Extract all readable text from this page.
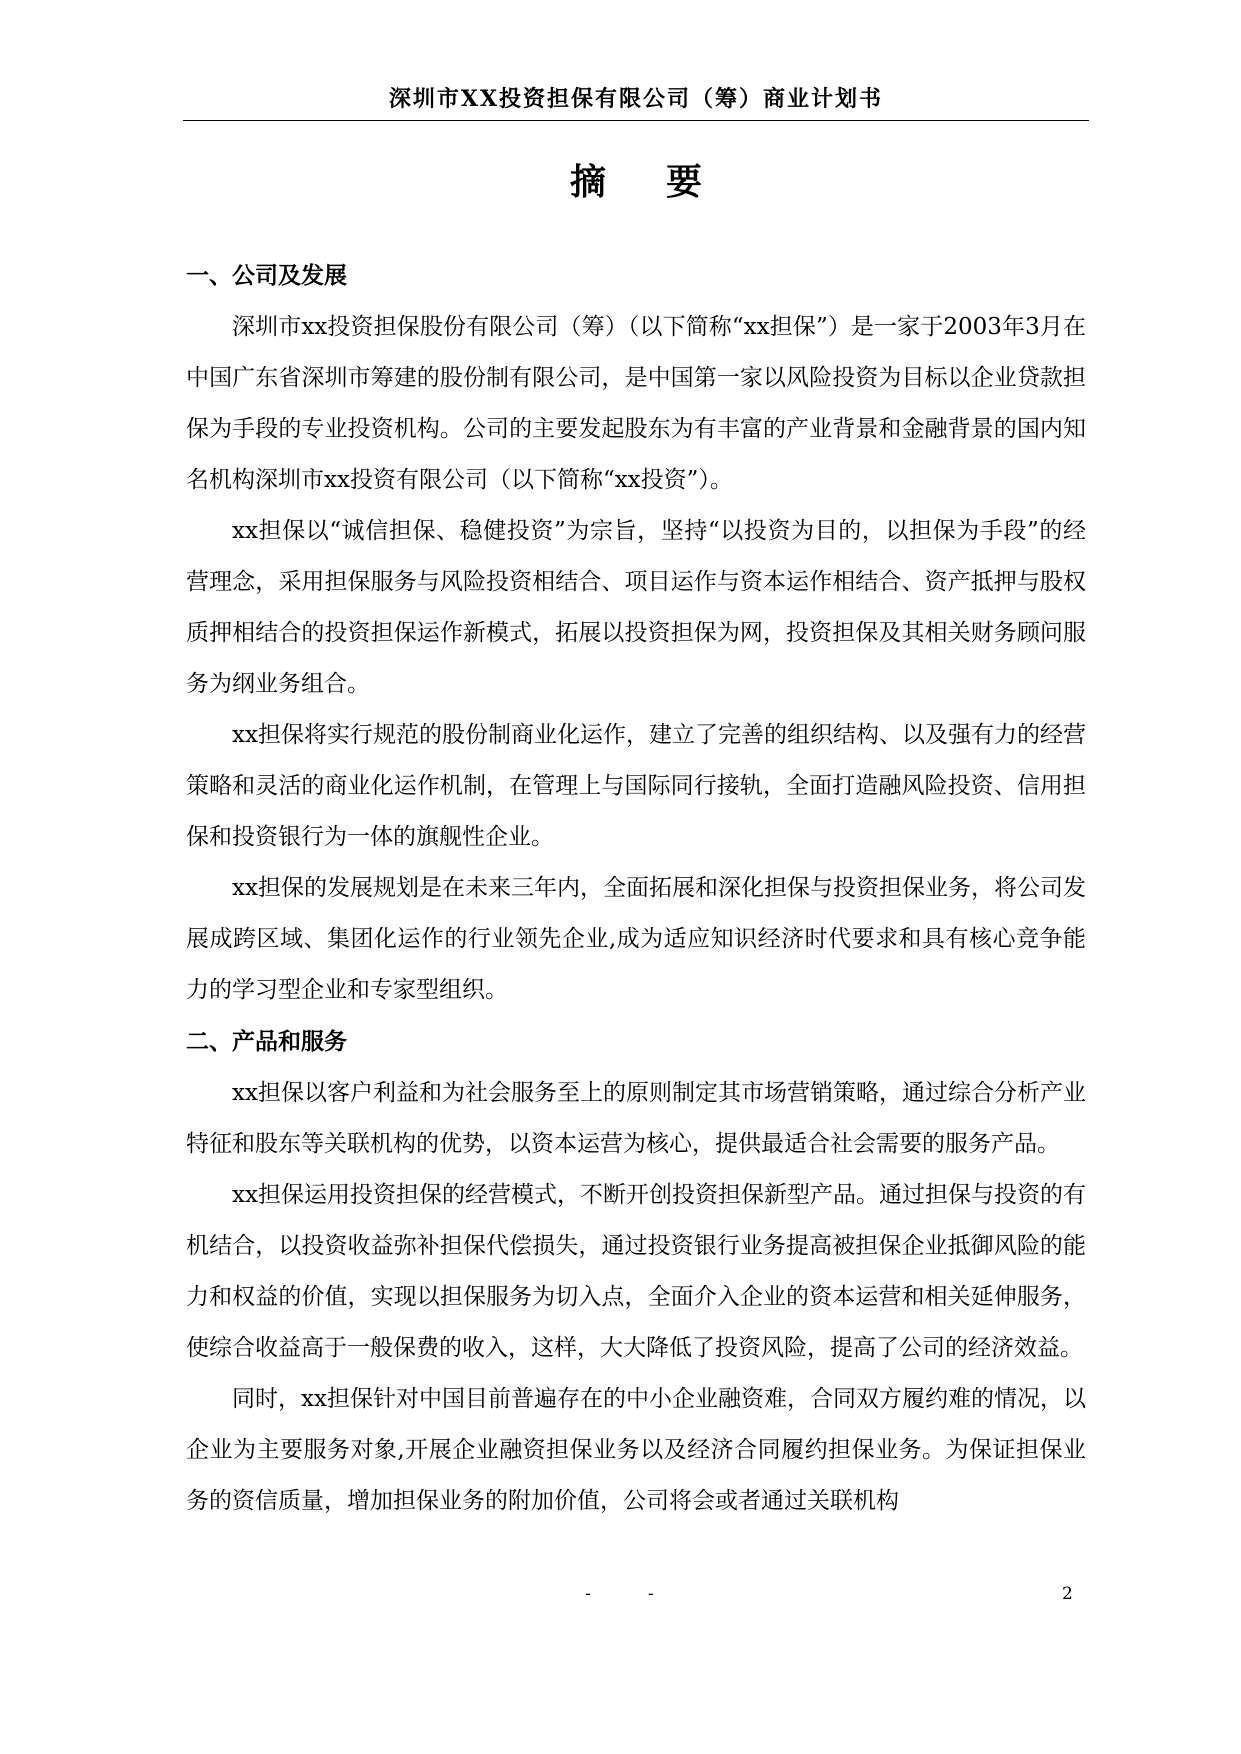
深圳市XX投资担保有限公司（筹）商业计划书
摘要
一、公司及发展

深圳市xx投资担保股份有限公司（筹）（以下简称“xx担保”）是一家于2003年3月在中国广东省深圳市筹建的股份制有限公司，是中国第一家以风险投资为目标以企业贷款担保为手段的专业投资机构。公司的主要发起股东为有丰富的产业背景和金融背景的国内知名机构深圳市xx投资有限公司（以下简称“xx投资”）。

xx担保以“诚信担保、稳健投资”为宗旨，坚持“以投资为目的，以担保为手段”的经营理念，采用担保服务与风险投资相结合、项目运作与资本运作相结合、资产抵押与股权质押相结合的投资担保运作新模式，拓展以投资担保为网，投资担保及其相关财务顾问服务为纲业务组合。

xx担保将实行规范的股份制商业化运作，建立了完善的组织结构、以及强有力的经营策略和灵活的商业化运作机制，在管理上与国际同行接轨，全面打造融风险投资、信用担保和投资银行为一体的旗舰性企业。

xx担保的发展规划是在未来三年内，全面拓展和深化担保与投资担保业务，将公司发展成跨区域、集团化运作的行业领先企业,成为适应知识经济时代要求和具有核心竞争能力的学习型企业和专家型组织。

二、产品和服务

xx担保以客户利益和为社会服务至上的原则制定其市场营销策略，通过综合分析产业特征和股东等关联机构的优势，以资本运营为核心，提供最适合社会需要的服务产品。

xx担保运用投资担保的经营模式，不断开创投资担保新型产品。通过担保与投资的有机结合，以投资收益弥补担保代偿损失，通过投资银行业务提高被担保企业抵御风险的能力和权益的价值，实现以担保服务为切入点，全面介入企业的资本运营和相关延伸服务，使综合收益高于一般保费的收入，这样，大大降低了投资风险，提高了公司的经济效益。

同时，xx担保针对中国目前普遍存在的中小企业融资难，合同双方履约难的情况，以企业为主要服务对象,开展企业融资担保业务以及经济合同履约担保业务。为保证担保业务的资信质量，增加担保业务的附加价值，公司将会或者通过关联机构

-	-	2
